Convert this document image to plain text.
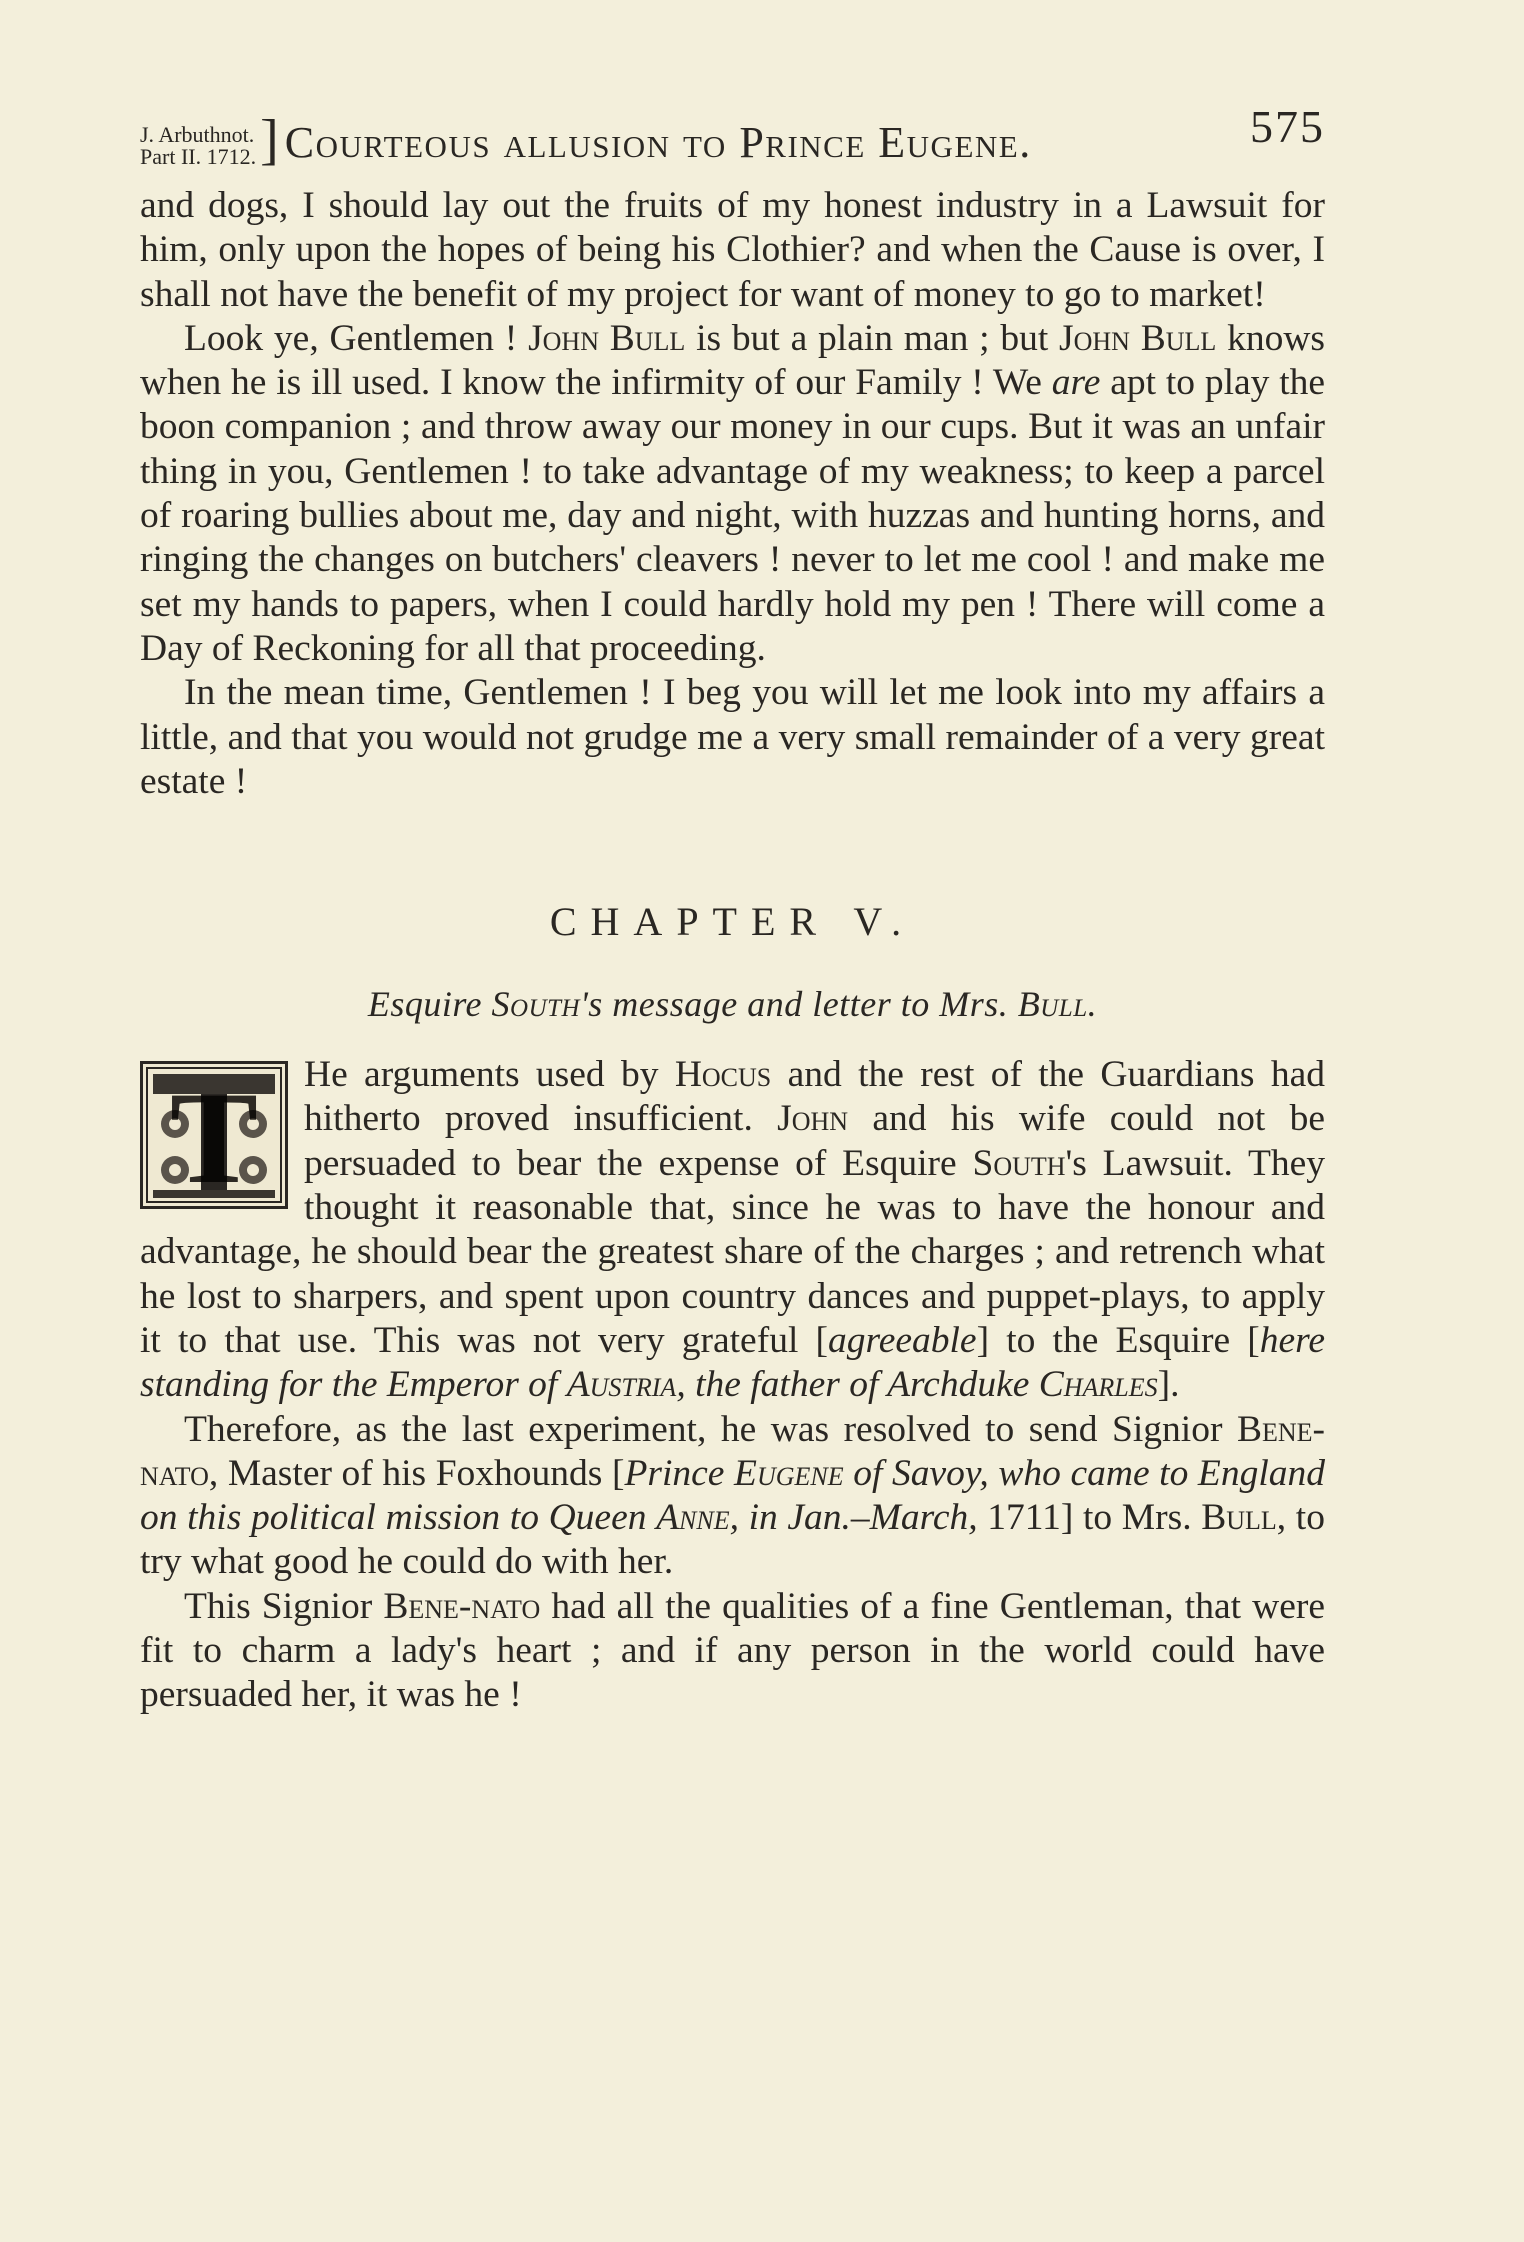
J. Arbuthnot.
Part II. 1712. ] Courteous allusion to Prince Eugene.	575

and dogs, I should lay out the fruits of my honest industry in a Lawsuit for him, only upon the hopes of being his Clothier? and when the Cause is over, I shall not have the benefit of my project for want of money to go to market!

Look ye, Gentlemen ! John Bull is but a plain man ; but John Bull knows when he is ill used. I know the infirmity of our Family ! We are apt to play the boon companion ; and throw away our money in our cups. But it was an unfair thing in you, Gentlemen ! to take advantage of my weakness; to keep a parcel of roaring bullies about me, day and night, with huzzas and hunting horns, and ringing the changes on butchers' cleavers ! never to let me cool ! and make me set my hands to papers, when I could hardly hold my pen ! There will come a Day of Reckoning for all that proceeding.

In the mean time, Gentlemen ! I beg you will let me look into my affairs a little, and that you would not grudge me a very small remainder of a very great estate !

CHAPTER V.
Esquire South's message and letter to Mrs. Bull.
T	He arguments used by Hocus and the rest of the Guardians had hitherto proved insufficient. John and his wife could not be persuaded to bear the expense of Esquire South's Lawsuit. They thought it reasonable that, since he was to have the honour and advantage, he should bear the greatest share of the charges ; and retrench what he lost to sharpers, and spent upon country dances and puppet-plays, to apply it to that use. This was not very grateful [agreeable] to the Esquire [here standing for the Emperor of Austria, the father of Archduke Charles].

Therefore, as the last experiment, he was resolved to send Signior Bene-nato, Master of his Foxhounds [Prince Eugene of Savoy, who came to England on this political mission to Queen Anne, in Jan.–March, 1711] to Mrs. Bull, to try what good he could do with her.

This Signior Bene-nato had all the qualities of a fine Gentleman, that were fit to charm a lady's heart ; and if any person in the world could have persuaded her, it was he !
